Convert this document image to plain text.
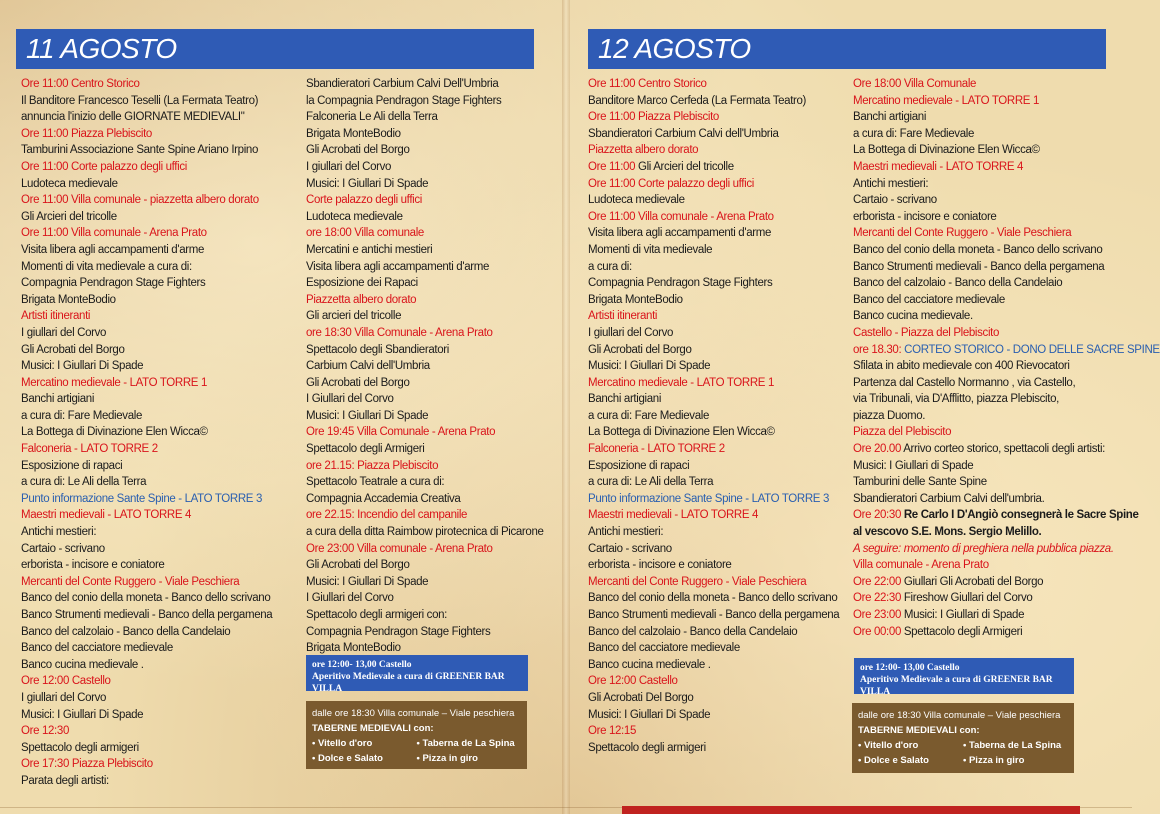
11 AGOSTO
Ore 11:00 Centro Storico
Il Banditore Francesco Teselli (La Fermata Teatro)
annuncia l'inizio delle GIORNATE MEDIEVALI"
Ore 11:00 Piazza Plebiscito
Tamburini Associazione Sante Spine Ariano Irpino
Ore 11:00 Corte palazzo degli uffici
Ludoteca medievale
Ore 11:00 Villa comunale - piazzetta albero dorato
Gli Arcieri del tricolle
Ore 11:00 Villa comunale - Arena Prato
Visita libera agli accampamenti d'arme
Momenti di vita medievale a cura di:
Compagnia Pendragon Stage Fighters
Brigata MonteBodio
Artisti itineranti
I giullari del Corvo
Gli Acrobati del Borgo
Musici: I Giullari Di Spade
Mercatino medievale - LATO TORRE 1
Banchi artigiani
a cura di: Fare Medievale
La Bottega di Divinazione Elen Wicca©
Falconeria - LATO TORRE 2
Esposizione di rapaci
a cura di: Le Ali della Terra
Punto informazione Sante Spine - LATO TORRE 3
Maestri medievali - LATO TORRE 4
Antichi mestieri:
Cartaio - scrivano
erborista - incisore e coniatore
Mercanti del Conte Ruggero - Viale Peschiera
Banco del conio della moneta - Banco dello scrivano
Banco Strumenti medievali - Banco della pergamena
Banco del calzolaio - Banco della Candelaio
Banco del cacciatore medievale
Banco cucina medievale .
Ore 12:00 Castello
I giullari del Corvo
Musici: I Giullari Di Spade
Ore 12:30
Spettacolo degli armigeri
Ore 17:30 Piazza Plebiscito
Parata degli artisti:
Sbandieratori Carbium Calvi Dell'Umbria
la Compagnia Pendragon Stage Fighters
Falconeria Le Ali della Terra
Brigata MonteBodio
Gli Acrobati del Borgo
I giullari del Corvo
Musici: I Giullari Di Spade
Corte palazzo degli uffici
Ludoteca medievale
ore 18:00 Villa comunale
Mercatini e antichi mestieri
Visita libera agli accampamenti d'arme
Esposizione dei Rapaci
Piazzetta albero dorato
Gli arcieri del tricolle
ore 18:30 Villa Comunale - Arena Prato
Spettacolo degli Sbandieratori
Carbium Calvi dell'Umbria
Gli Acrobati del Borgo
I Giullari del Corvo
Musici: I Giullari Di Spade
Ore 19:45 Villa Comunale - Arena Prato
Spettacolo degli Armigeri
ore 21.15: Piazza Plebiscito
Spettacolo Teatrale a cura di:
Compagnia Accademia Creativa
ore 22.15: Incendio del campanile
a cura della ditta Raimbow pirotecnica di Picarone
Ore 23:00 Villa comunale - Arena Prato
Gli Acrobati del Borgo
Musici: I Giullari Di Spade
I Giullari del Corvo
Spettacolo degli armigeri con:
Compagnia Pendragon Stage Fighters
Brigata MonteBodio
ore 12:00- 13,00 Castello
Aperitivo Medievale a cura di GREENER BAR VILLA
dalle ore 18:30 Villa comunale – Viale peschiera
TABERNE MEDIEVALI con:
• Vitello d'oro	• Taberna de La Spina
• Dolce e Salato	• Pizza in giro
12 AGOSTO
Ore 11:00 Centro Storico
Banditore Marco Cerfeda (La Fermata Teatro)
Ore 11:00 Piazza Plebiscito
Sbandieratori Carbium Calvi dell'Umbria
Piazzetta albero dorato
Ore 11:00 Gli Arcieri del tricolle
Ore 11:00 Corte palazzo degli uffici
Ludoteca medievale
Ore 11:00 Villa comunale - Arena Prato
Visita libera agli accampamenti d'arme
Momenti di vita medievale
a cura di:
Compagnia Pendragon Stage Fighters
Brigata MonteBodio
Artisti itineranti
I giullari del Corvo
Gli Acrobati del Borgo
Musici: I Giullari Di Spade
Mercatino medievale - LATO TORRE 1
Banchi artigiani
a cura di: Fare Medievale
La Bottega di Divinazione Elen Wicca©
Falconeria - LATO TORRE 2
Esposizione di rapaci
a cura di: Le Ali della Terra
Punto informazione Sante Spine - LATO TORRE 3
Maestri medievali - LATO TORRE 4
Antichi mestieri:
Cartaio - scrivano
erborista - incisore e coniatore
Mercanti del Conte Ruggero - Viale Peschiera
Banco del conio della moneta - Banco dello scrivano
Banco Strumenti medievali - Banco della pergamena
Banco del calzolaio - Banco della Candelaio
Banco del cacciatore medievale
Banco cucina medievale .
Ore 12:00 Castello
Gli Acrobati Del Borgo
Musici: I Giullari Di Spade
Ore 12:15
Spettacolo degli armigeri
Ore 18:00 Villa Comunale
Mercatino medievale - LATO TORRE 1
Banchi artigiani
a cura di: Fare Medievale
La Bottega di Divinazione Elen Wicca©
Maestri medievali - LATO TORRE 4
Antichi mestieri:
Cartaio - scrivano
erborista - incisore e coniatore
Mercanti del Conte Ruggero - Viale Peschiera
Banco del conio della moneta - Banco dello scrivano
Banco Strumenti medievali - Banco della pergamena
Banco del calzolaio - Banco della Candelaio
Banco del cacciatore medievale
Banco cucina medievale.
Castello - Piazza del Plebiscito
ore 18.30: CORTEO STORICO - DONO DELLE SACRE SPINE
Sfilata in abito medievale con 400 Rievocatori
Partenza dal Castello Normanno , via Castello,
via Tribunali, via D'Afflitto, piazza Plebiscito,
piazza Duomo.
Piazza del Plebiscito
Ore 20.00 Arrivo corteo storico, spettacoli degli artisti:
Musici: I Giullari di Spade
Tamburini delle Sante Spine
Sbandieratori Carbium Calvi dell'umbria.
Ore 20:30 Re Carlo I D'Angiò consegnerà le Sacre Spine
al vescovo S.E. Mons. Sergio Melillo.
A seguire: momento di preghiera nella pubblica piazza.
Villa comunale - Arena Prato
Ore 22:00 Giullari Gli Acrobati del Borgo
Ore 22:30 Fireshow Giullari del Corvo
Ore 23:00 Musici: I Giullari di Spade
Ore 00:00 Spettacolo degli Armigeri
ore 12:00- 13,00 Castello
Aperitivo Medievale a cura di GREENER BAR VILLA
dalle ore 18:30 Villa comunale – Viale peschiera
TABERNE MEDIEVALI con:
• Vitello d'oro	• Taberna de La Spina
• Dolce e Salato	• Pizza in giro
